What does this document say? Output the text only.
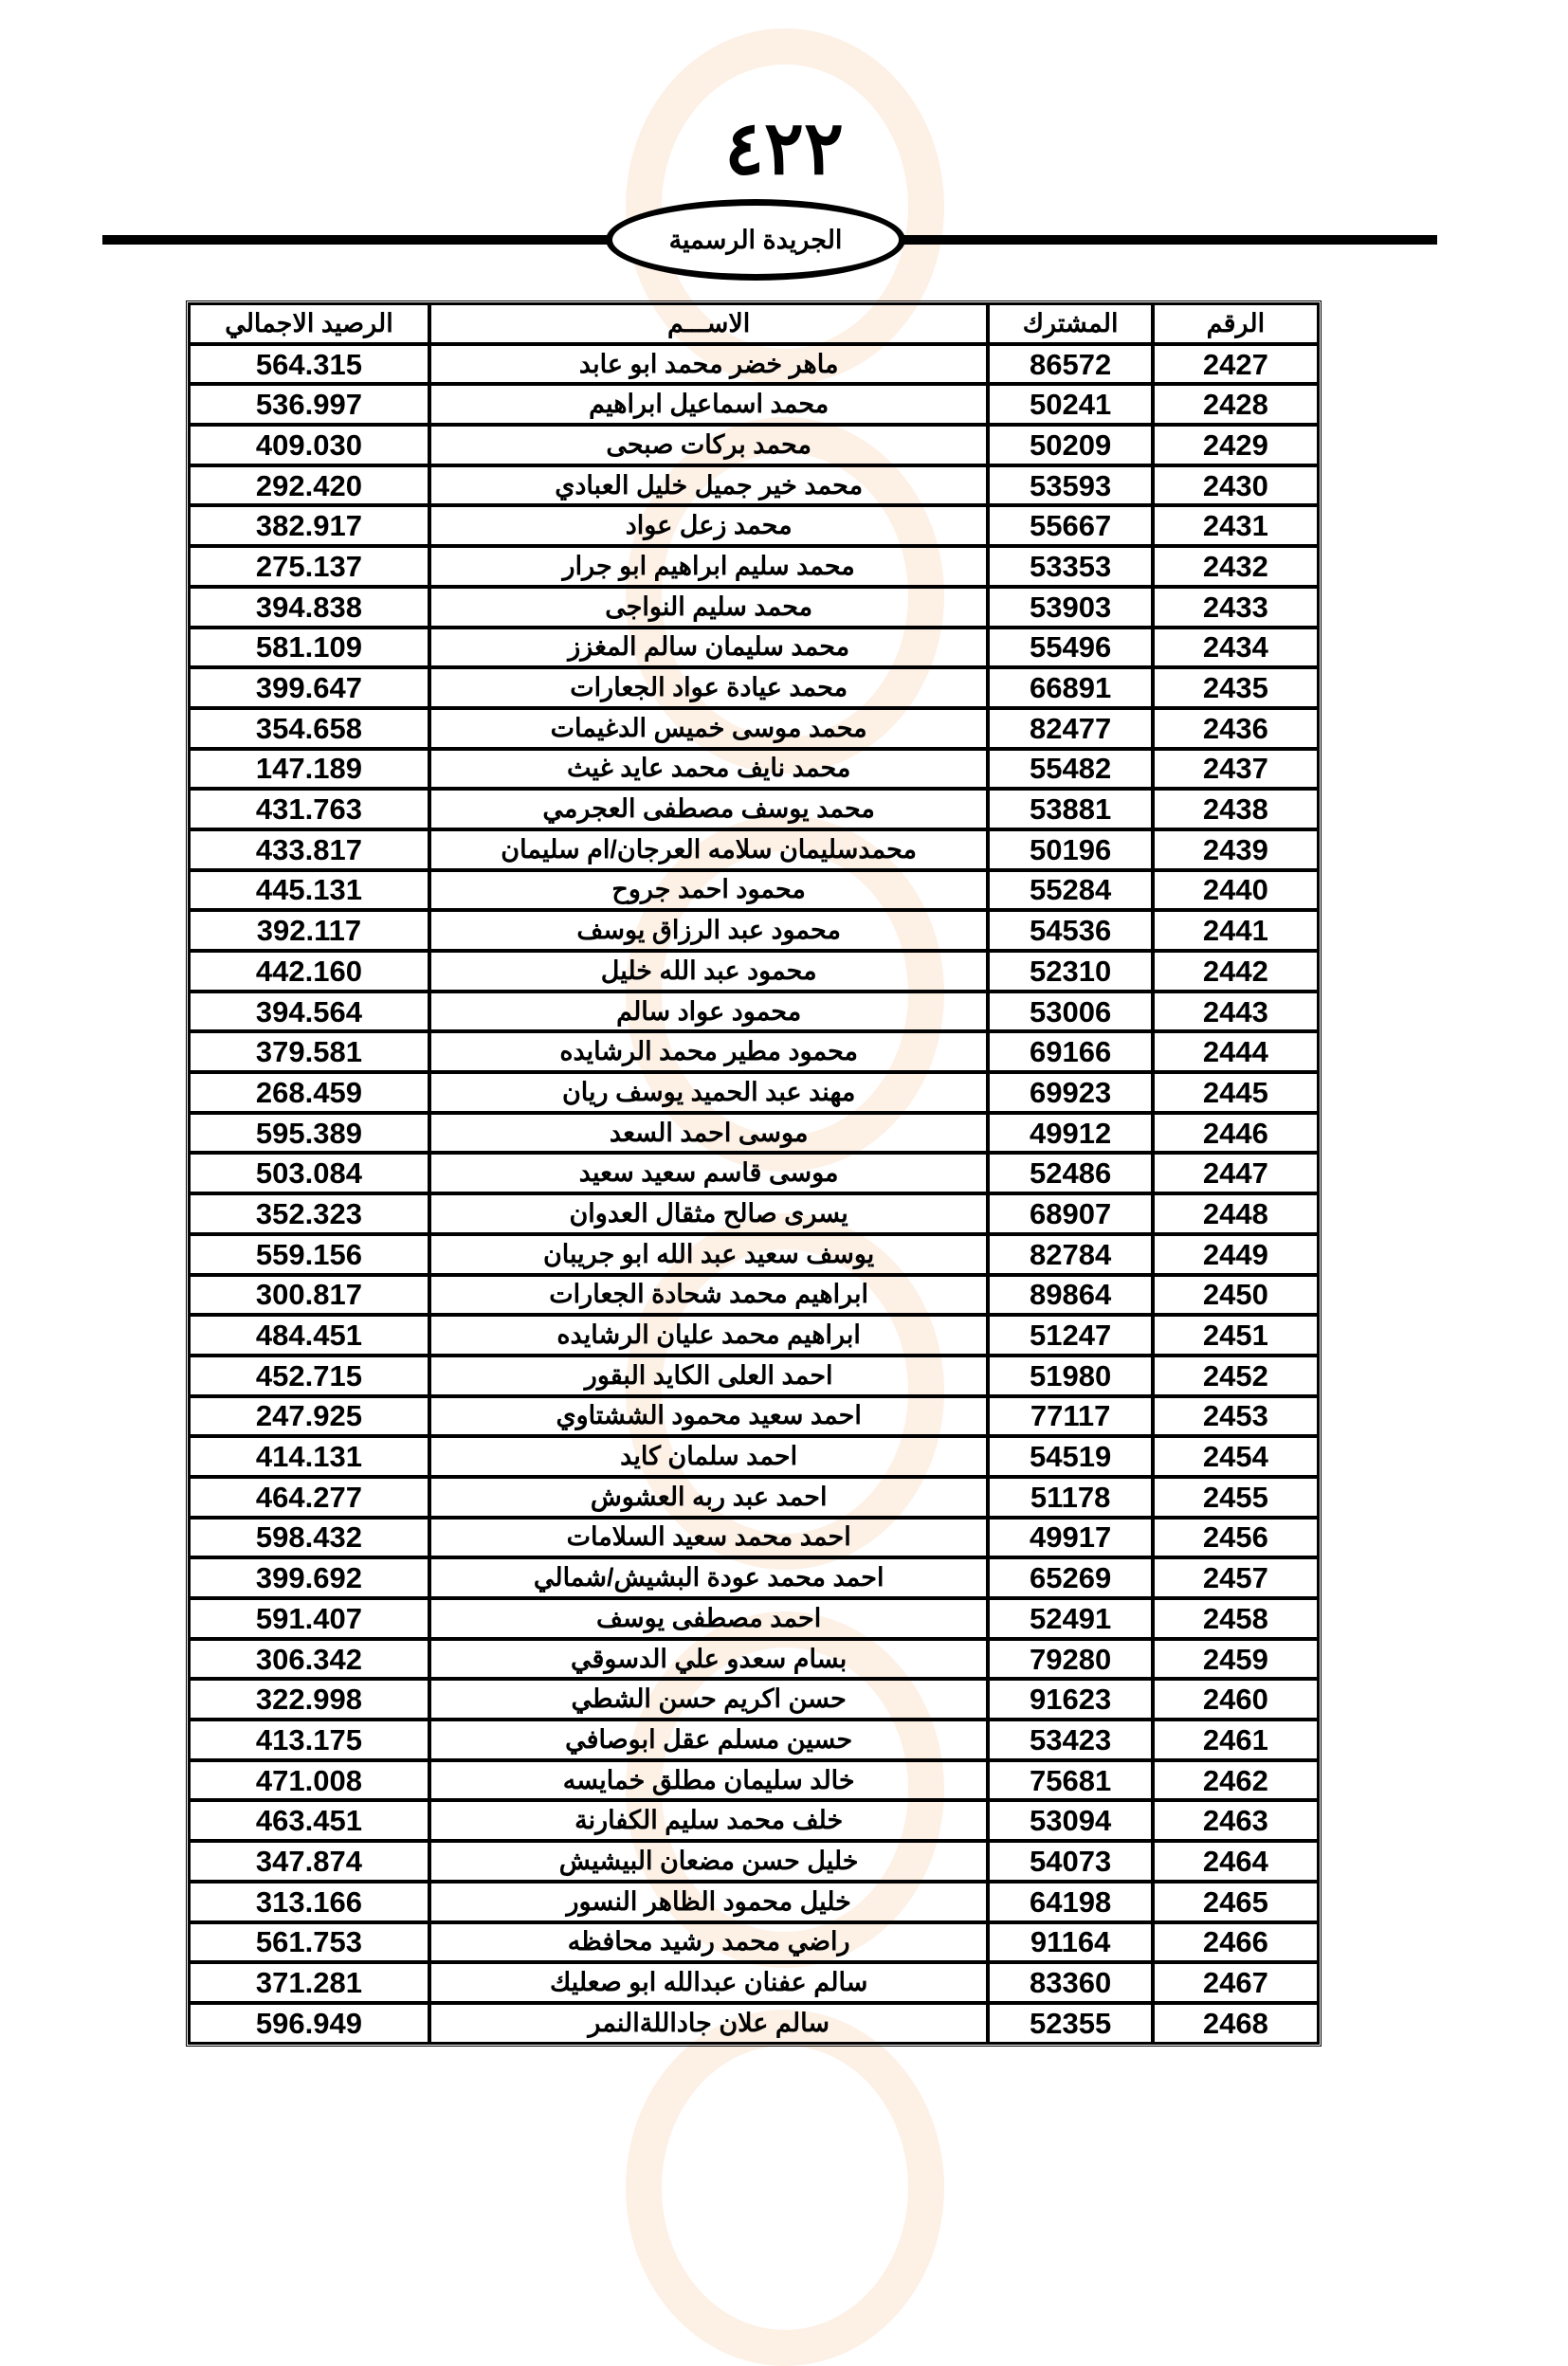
٤٢٢
الجريدة الرسمية
الرقم	المشترك	الاســـم	الرصيد الاجمالي
2427	86572	ماهر خضر محمد ابو عابد	564.315
2428	50241	محمد اسماعيل ابراهيم	536.997
2429	50209	محمد بركات صبحى	409.030
2430	53593	محمد خير جميل خليل العبادي	292.420
2431	55667	محمد زعل عواد	382.917
2432	53353	محمد سليم ابراهيم ابو جرار	275.137
2433	53903	محمد سليم النواجى	394.838
2434	55496	محمد سليمان سالم المغزز	581.109
2435	66891	محمد عيادة عواد الجعارات	399.647
2436	82477	محمد موسى خميس الدغيمات	354.658
2437	55482	محمد نايف محمد عايد غيث	147.189
2438	53881	محمد يوسف مصطفى العجرمي	431.763
2439	50196	محمدسليمان سلامه العرجان/ام سليمان	433.817
2440	55284	محمود احمد جروح	445.131
2441	54536	محمود عبد الرزاق يوسف	392.117
2442	52310	محمود عبد الله خليل	442.160
2443	53006	محمود عواد سالم	394.564
2444	69166	محمود مطير محمد الرشايده	379.581
2445	69923	مهند عبد الحميد يوسف ريان	268.459
2446	49912	موسى احمد السعد	595.389
2447	52486	موسى قاسم سعيد سعيد	503.084
2448	68907	يسرى صالح مثقال العدوان	352.323
2449	82784	يوسف سعيد عبد الله ابو جريبان	559.156
2450	89864	ابراهيم محمد شحادة الجعارات	300.817
2451	51247	ابراهيم محمد عليان الرشايده	484.451
2452	51980	احمد العلى الكايد البقور	452.715
2453	77117	احمد سعيد محمود الششتاوي	247.925
2454	54519	احمد سلمان كايد	414.131
2455	51178	احمد عبد ربه العشوش	464.277
2456	49917	احمد محمد سعيد السلامات	598.432
2457	65269	احمد محمد عودة البشيش/شمالي	399.692
2458	52491	احمد مصطفى يوسف	591.407
2459	79280	بسام سعدو علي الدسوقي	306.342
2460	91623	حسن اكريم حسن الشطي	322.998
2461	53423	حسين مسلم عقل ابوصافي	413.175
2462	75681	خالد سليمان مطلق خمايسه	471.008
2463	53094	خلف محمد سليم الكفارنة	463.451
2464	54073	خليل حسن مضعان البيشيش	347.874
2465	64198	خليل محمود الظاهر النسور	313.166
2466	91164	راضي محمد رشيد محافظه	561.753
2467	83360	سالم عفنان عبدالله ابو صعليك	371.281
2468	52355	سالم علان جاداللةالنمر	596.949
